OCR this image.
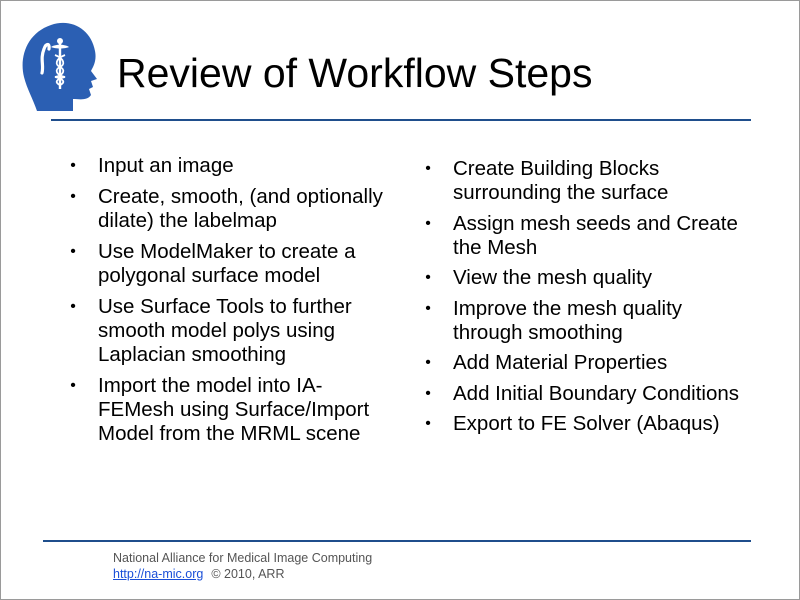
Review of Workflow Steps
• Input an image
• Create, smooth, (and optionally dilate) the labelmap
• Use ModelMaker to create a polygonal surface model
• Use Surface Tools to further smooth model polys using Laplacian smoothing
• Import the model into IA-FEMesh using Surface/Import Model from the MRML scene
• Create Building Blocks surrounding the surface
• Assign mesh seeds and Create the Mesh
• View the mesh quality
• Improve the mesh quality through smoothing
• Add Material Properties
• Add Initial Boundary Conditions
• Export to FE Solver (Abaqus)
National Alliance for Medical Image Computing
http://na-mic.org © 2010, ARR
